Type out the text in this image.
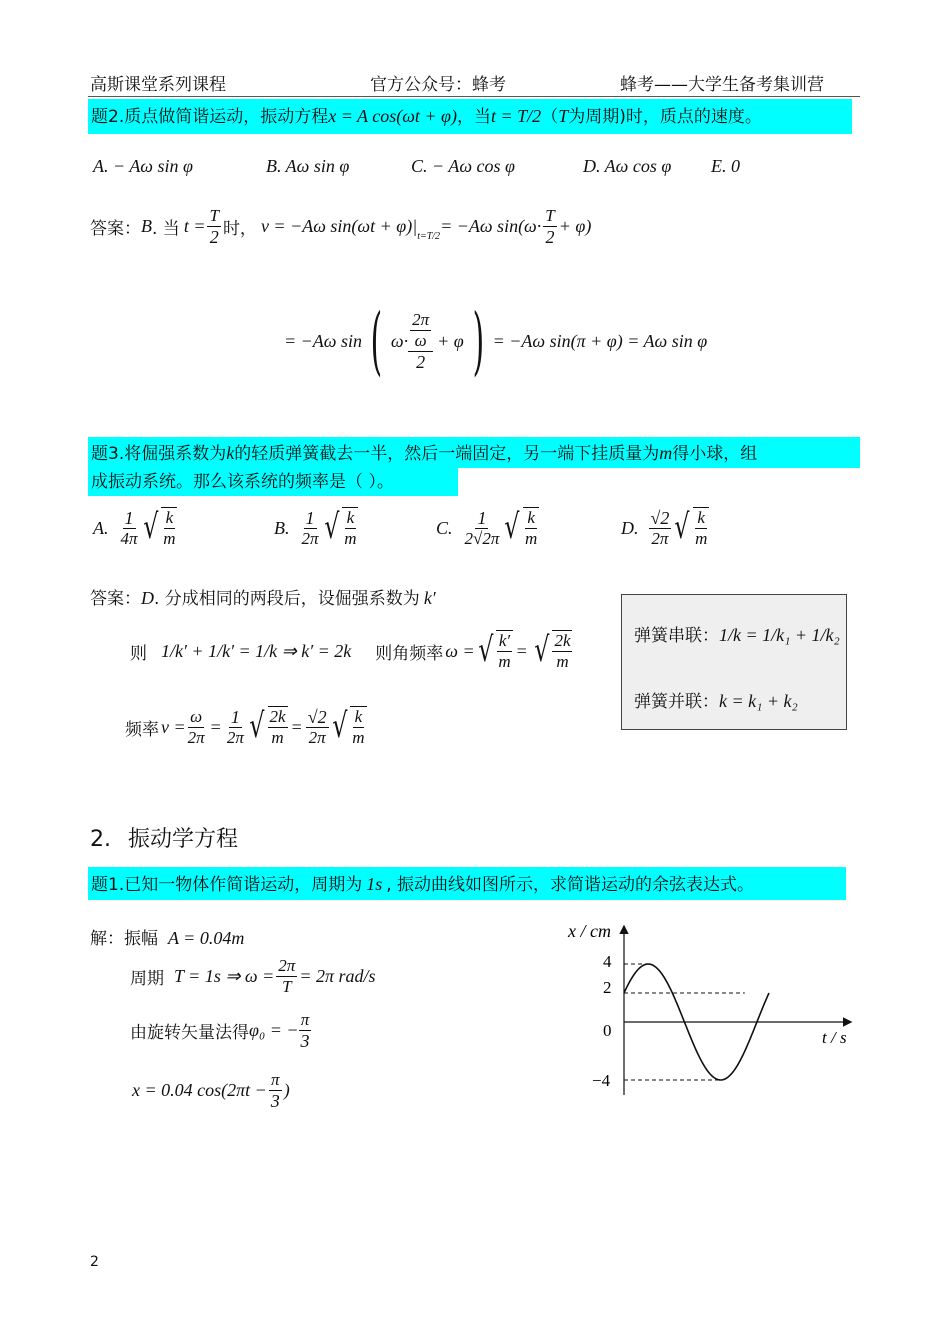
高斯课堂系列课程	官方公众号：蜂考	蜂考——大学生备考集训营
题2.质点做简谐运动，振动方程x = A cos(ωt + φ)，当t = T/2（T为周期)时，质点的速度。
A. − Aω sin φ	B. Aω sin φ	C. − Aω cos φ	D. Aω cos φ E. 0
答案： B . 当 $t = \frac{T}{2}$ 时， v = −Aω sin(ωt + φ)|
t=T/2
= −Aω $\sin(\omega\cdot \frac{T}{2} + \varphi)$
= −Aω sin ( $\omega\cdot \frac{\frac{2\pi}{\omega}}{2} + \varphi$ ) = −Aω sin(π + φ) = Aω sin φ
题3.将倔强系数为k的轻质弹簧截去一半，然后一端固定，另一端下挂质量为m得小球，组
成振动系统。那么该系统的频率是（ ）。
A. $\frac{1}{4\pi}$ √ $\frac{k}{m}$	B. $\frac{1}{2\pi}$ √ $\frac{k}{m}$	C. $\frac{1}{2√2\pi}$ √ $\frac{k}{m}$	D. $\frac{√2}{2\pi}$ √ $\frac{k}{m}$
答案：D. 分成相同的两段后，设倔强系数为 k′
则 1/k′ + 1/k′ = 1/k ⇒ k′ = 2k 则角频率 ω = √ $\frac{k'}{m}$ = √ $\frac{2k}{m}$
频率 $\nu = \frac{\omega}{2\pi} = \frac{1}{2\pi}$ √ $\frac{2k}{m} = \frac{√2}{2\pi}$ √ $\frac{k}{m}$
弹簧串联：1/k = 1/k₁ + 1/k₂
弹簧并联：k = k₁ + k₂
2. 振动学方程
题1.已知一物体作简谐运动，周期为 1s , 振动曲线如图所示，求简谐运动的余弦表达式。
解：振幅 A = 0.04m
周期 T = 1s ⇒ $\omega = \frac{2\pi}{T} = 2\pi$ rad/s
由旋转矢量法得 φ₀ = − $\frac{\pi}{3}$
x = 0.04 $\cos(2\pi t - \frac{\pi}{3}$ )
x / cm
t / s
4
2
0
−4
2
